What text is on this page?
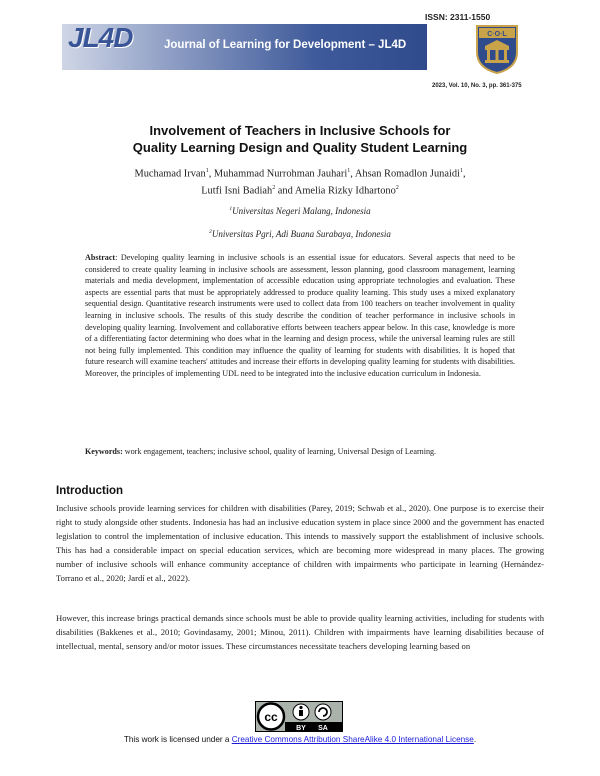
ISSN: 2311-1550
JL4D	Journal of Learning for Development – JL4D
C·O·L
2023, Vol. 10, No. 3, pp. 361-375
Involvement of Teachers in Inclusive Schools for
Quality Learning Design and Quality Student Learning
Muchamad Irvan$^1$, Muhammad Nurrohman Jauhari$^1$, Ahsan Romadlon Junaidi$^1$,
Lutfi Isni Badiah$^2$ and Amelia Rizky Idhartono$^2$
$^1$Universitas Negeri Malang, Indonesia
$^2$Universitas Pgri, Adi Buana Surabaya, Indonesia
Abstract: Developing quality learning in inclusive schools is an essential issue for educators. Several aspects that need to be considered to create quality learning in inclusive schools are assessment, lesson planning, good classroom management, learning materials and media development, implementation of accessible education using appropriate technologies and evaluation. These aspects are essential parts that must be appropriately addressed to produce quality learning. This study uses a mixed explanatory sequential design. Quantitative research instruments were used to collect data from 100 teachers on teacher involvement in quality learning in inclusive schools. The results of this study describe the condition of teacher performance in inclusive schools in developing quality learning. Involvement and collaborative efforts between teachers appear below. In this case, knowledge is more of a differentiating factor determining who does what in the learning and design process, while the universal learning rules are still not being fully implemented. This condition may influence the quality of learning for students with disabilities. It is hoped that future research will examine teachers' attitudes and increase their efforts in developing quality learning for students with disabilities. Moreover, the principles of implementing UDL need to be integrated into the inclusive education curriculum in Indonesia.
Keywords: work engagement, teachers; inclusive school, quality of learning, Universal Design of Learning.
Introduction
Inclusive schools provide learning services for children with disabilities (Parey, 2019; Schwab et al., 2020). One purpose is to exercise their right to study alongside other students. Indonesia has had an inclusive education system in place since 2000 and the government has enacted legislation to control the implementation of inclusive education. This intends to massively support the establishment of inclusive schools. This has had a considerable impact on special education services, which are becoming more widespread in many places. The growing number of inclusive schools will enhance community acceptance of children with impairments who participate in learning (Hernández-Torrano et al., 2020; Jardí et al., 2022).
However, this increase brings practical demands since schools must be able to provide quality learning activities, including for students with disabilities (Bakkenes et al., 2010; Govindasamy, 2001; Minou, 2011). Children with impairments have learning disabilities because of intellectual, mental, sensory and/or motor issues. These circumstances necessitate teachers developing learning based on
cc
BY SA
This work is licensed under a Creative Commons Attribution ShareAlike 4.0 International License.
